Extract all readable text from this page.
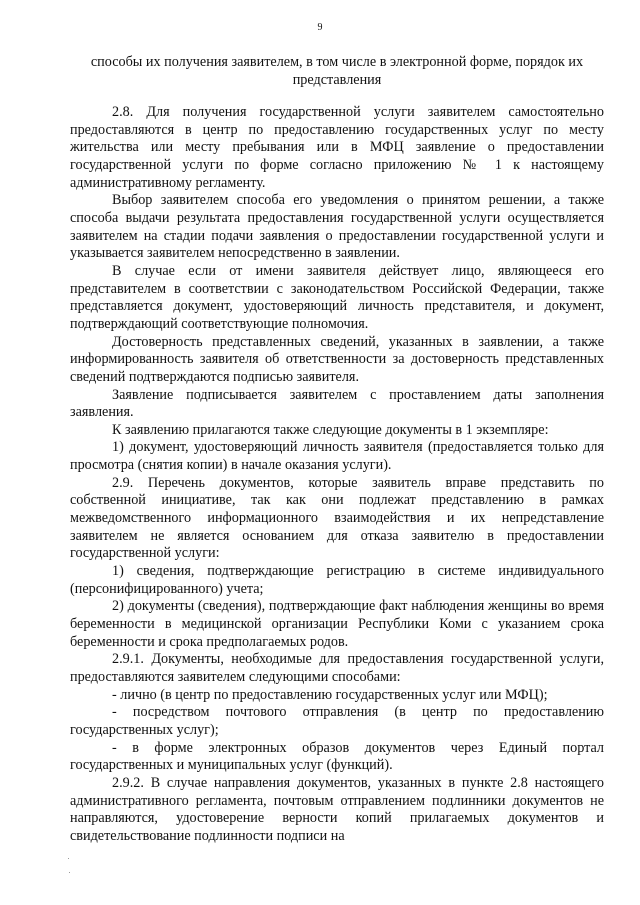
9
способы их получения заявителем, в том числе в электронной форме, порядок их представления

2.8. Для получения государственной услуги заявителем самостоятельно предоставляются в центр по предоставлению государственных услуг по месту жительства или месту пребывания или в МФЦ заявление о предоставлении государственной услуги по форме согласно приложению № 1 к настоящему административному регламенту.

Выбор заявителем способа его уведомления о принятом решении, а также способа выдачи результата предоставления государственной услуги осуществляется заявителем на стадии подачи заявления о предоставлении государственной услуги и указывается заявителем непосредственно в заявлении.

В случае если от имени заявителя действует лицо, являющееся его представителем в соответствии с законодательством Российской Федерации, также представляется документ, удостоверяющий личность представителя, и документ, подтверждающий соответствующие полномочия.

Достоверность представленных сведений, указанных в заявлении, а также информированность заявителя об ответственности за достоверность представленных сведений подтверждаются подписью заявителя.

Заявление подписывается заявителем с проставлением даты заполнения заявления.

К заявлению прилагаются также следующие документы в 1 экземпляре:

1) документ, удостоверяющий личность заявителя (предоставляется только для просмотра (снятия копии) в начале оказания услуги).

2.9. Перечень документов, которые заявитель вправе представить по собственной инициативе, так как они подлежат представлению в рамках межведомственного информационного взаимодействия и их непредставление заявителем не является основанием для отказа заявителю в предоставлении государственной услуги:

1) сведения, подтверждающие регистрацию в системе индивидуального (персонифицированного) учета;

2) документы (сведения), подтверждающие факт наблюдения женщины во время беременности в медицинской организации Республики Коми с указанием срока беременности и срока предполагаемых родов.

2.9.1. Документы, необходимые для предоставления государственной услуги, предоставляются заявителем следующими способами:

- лично (в центр по предоставлению государственных услуг или МФЦ);

- посредством почтового отправления (в центр по предоставлению государственных услуг);

- в форме электронных образов документов через Единый портал государственных и муниципальных услуг (функций).

2.9.2. В случае направления документов, указанных в пункте 2.8 настоящего административного регламента, почтовым отправлением подлинники документов не направляются, удостоверение верности копий прилагаемых документов и свидетельствование подлинности подписи на
